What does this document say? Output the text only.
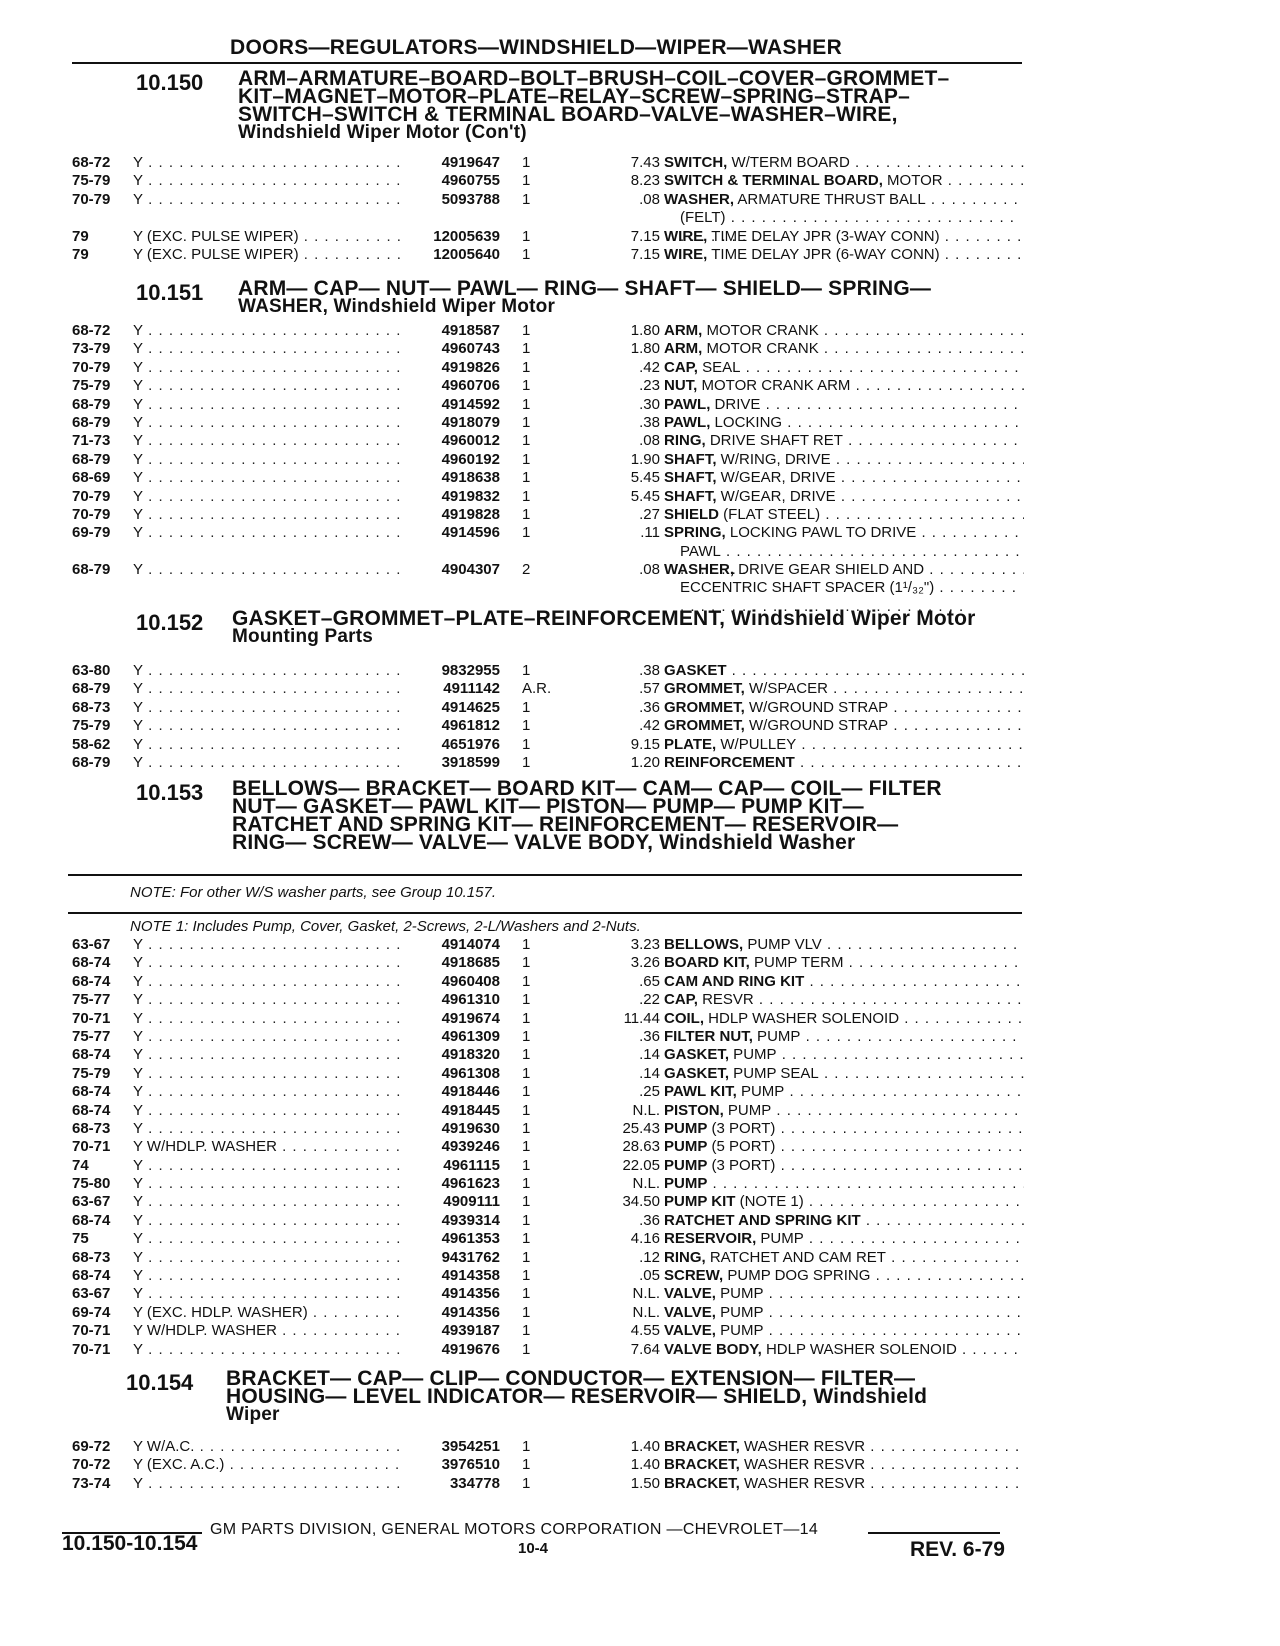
DOORS—REGULATORS—WINDSHIELD—WIPER—WASHER
10.150 ARM–ARMATURE–BOARD–BOLT–BRUSH–COIL–COVER–GROMMET–
KIT–MAGNET–MOTOR–PLATE–RELAY–SCREW–SPRING–STRAP–
SWITCH–SWITCH & TERMINAL BOARD–VALVE–WASHER–WIRE,
Windshield Wiper Motor (Con't)
68-72 Y . . .	4919647 1	7.43 SWITCH, W/TERM BOARD . . .
75-79 Y . . .	4960755 1	8.23 SWITCH & TERMINAL BOARD, MOTOR . . .
70-79 Y . . .	5093788 1	.08 WASHER, ARMATURE THRUST BALL . . .
(FELT) . . .
79	Y (EXC. PULSE WIPER) . . .	12005639 1	7.15 WIRE, TIME DELAY JPR (3-WAY CONN) . . .
79	Y (EXC. PULSE WIPER) . . .	12005640 1	7.15 WIRE, TIME DELAY JPR (6-WAY CONN) . . .
10.151 ARM— CAP— NUT— PAWL— RING— SHAFT— SHIELD— SPRING—
WASHER, Windshield Wiper Motor
68-72 Y . . .	4918587 1	1.80 ARM, MOTOR CRANK . . .
73-79 Y . . .	4960743 1	1.80 ARM, MOTOR CRANK . . .
70-79 Y . . .	4919826 1	.42 CAP, SEAL . . .
75-79 Y . . .	4960706 1	.23 NUT, MOTOR CRANK ARM . . .
68-79 Y . . .	4914592 1	.30 PAWL, DRIVE . . .
68-79 Y . . .	4918079 1	.38 PAWL, LOCKING . . .
71-73 Y . . .	4960012 1	.08 RING, DRIVE SHAFT RET . . .
68-79 Y . . .	4960192 1	1.90 SHAFT, W/RING, DRIVE . . .
68-69 Y . . .	4918638 1	5.45 SHAFT, W/GEAR, DRIVE . . .
70-79 Y . . .	4919832 1	5.45 SHAFT, W/GEAR, DRIVE . . .
70-79 Y . . .	4919828 1	.27 SHIELD (FLAT STEEL) . . .
69-79 Y . . .	4914596 1	.11 SPRING, LOCKING PAWL TO DRIVE . . .
PAWL . . .
68-79 Y . . .	4904307 2	.08 WASHER, DRIVE GEAR SHIELD AND . . .
ECCENTRIC SHAFT SPACER (1¹/₃₂") . . .
10.152 GASKET–GROMMET–PLATE–REINFORCEMENT, Windshield Wiper Motor
Mounting Parts
63-80 Y . . .	9832955 1	.38 GASKET . . .
68-79 Y . . .	4911142 A.R.	.57 GROMMET, W/SPACER . . .
68-73 Y . . .	4914625 1	.36 GROMMET, W/GROUND STRAP . . .
75-79 Y . . .	4961812 1	.42 GROMMET, W/GROUND STRAP . . .
58-62 Y . . .	4651976 1	9.15 PLATE, W/PULLEY . . .
68-79 Y . . .	3918599 1	1.20 REINFORCEMENT . . .
10.153 BELLOWS— BRACKET— BOARD KIT— CAM— CAP— COIL— FILTER
NUT— GASKET— PAWL KIT— PISTON— PUMP— PUMP KIT—
RATCHET AND SPRING KIT— REINFORCEMENT— RESERVOIR—
RING— SCREW— VALVE— VALVE BODY, Windshield Washer
NOTE: For other W/S washer parts, see Group 10.157.
NOTE 1: Includes Pump, Cover, Gasket, 2-Screws, 2-L/Washers and 2-Nuts.
63-67 Y . . .	4914074 1	3.23 BELLOWS, PUMP VLV . . .
68-74 Y . . .	4918685 1	3.26 BOARD KIT, PUMP TERM . . .
68-74 Y . . .	4960408 1	.65 CAM AND RING KIT . . .
75-77 Y . . .	4961310 1	.22 CAP, RESVR . . .
70-71 Y . . .	4919674 1	11.44 COIL, HDLP WASHER SOLENOID . . .
75-77 Y . . .	4961309 1	.36 FILTER NUT, PUMP . . .
68-74 Y . . .	4918320 1	.14 GASKET, PUMP . . .
75-79 Y . . .	4961308 1	.14 GASKET, PUMP SEAL . . .
68-74 Y . . .	4918446 1	.25 PAWL KIT, PUMP . . .
68-74 Y . . .	4918445 1	N.L. PISTON, PUMP . . .
68-73 Y . . .	4919630 1	25.43 PUMP (3 PORT) . . .
70-71 Y W/HDLP. WASHER . . .	4939246 1	28.63 PUMP (5 PORT) . . .
74	Y . . .	4961115 1	22.05 PUMP (3 PORT) . . .
75-80 Y . . .	4961623 1	N.L. PUMP . . .
63-67 Y . . .	4909111 1	34.50 PUMP KIT (NOTE 1) . . .
68-74 Y . . .	4939314 1	.36 RATCHET AND SPRING KIT . . .
75	Y . . .	4961353 1	4.16 RESERVOIR, PUMP . . .
68-73 Y . . .	9431762 1	.12 RING, RATCHET AND CAM RET . . .
68-74 Y . . .	4914358 1	.05 SCREW, PUMP DOG SPRING . . .
63-67 Y . . .	4914356 1	N.L. VALVE, PUMP . . .
69-74 Y (EXC. HDLP. WASHER) . . .	4914356 1	N.L. VALVE, PUMP . . .
70-71 Y W/HDLP. WASHER . . .	4939187 1	4.55 VALVE, PUMP . . .
70-71 Y . . .	4919676 1	7.64 VALVE BODY, HDLP WASHER SOLENOID . . .
10.154 BRACKET— CAP— CLIP— CONDUCTOR— EXTENSION— FILTER—
HOUSING— LEVEL INDICATOR— RESERVOIR— SHIELD, Windshield
Wiper
69-72 Y W/A.C. . . .	3954251 1	1.40 BRACKET, WASHER RESVR . . .
70-72 Y (EXC. A.C.) . . .	3976510 1	1.40 BRACKET, WASHER RESVR . . .
73-74 Y . . .	334778 1	1.50 BRACKET, WASHER RESVR . . .
GM PARTS DIVISION, GENERAL MOTORS CORPORATION —CHEVROLET—14
10.150-10.154	10-4	REV. 6-79
